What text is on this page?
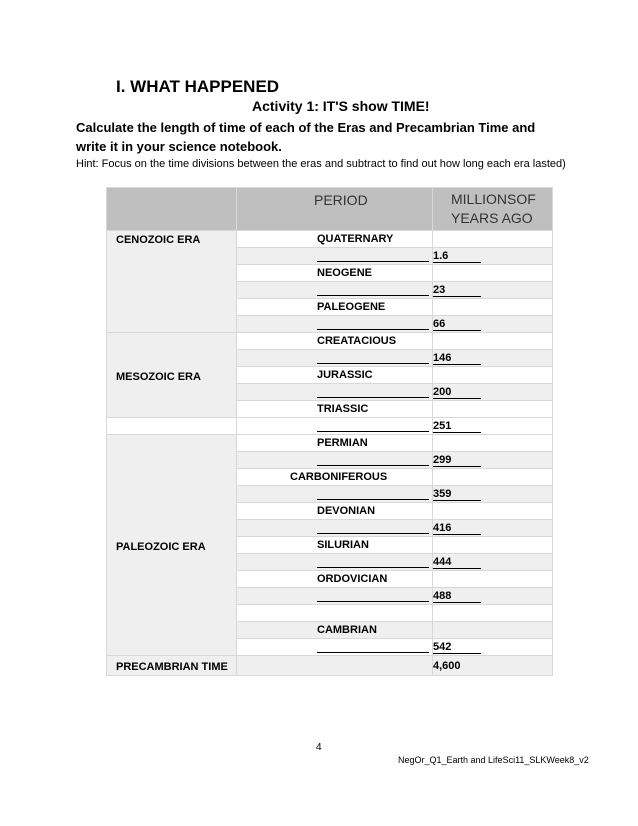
I. WHAT HAPPENED
Activity 1: IT'S show TIME!

Calculate the length of time of each of the Eras and Precambrian Time and write it in your science notebook.

Hint: Focus on the time divisions between the eras and subtract to find out how long each era lasted)

	PERIOD	MILLIONSOF YEARS AGO
CENOZOIC ERA	QUATERNARY	
		1.6
	NEOGENE	
		23
	PALEOGENE	
		66
MESOZOIC ERA	CREATACIOUS	
		146
	JURASSIC	
		200
	TRIASSIC	
		251
PALEOZOIC ERA	PERMIAN	
		299
	CARBONIFEROUS	
		359
	DEVONIAN	
		416
	SILURIAN	
		444
	ORDOVICIAN	
		488

	CAMBRIAN	
		542
PRECAMBRIAN TIME		4,600

4

NegOr_Q1_Earth and LifeSci11_SLKWeek8_v2
